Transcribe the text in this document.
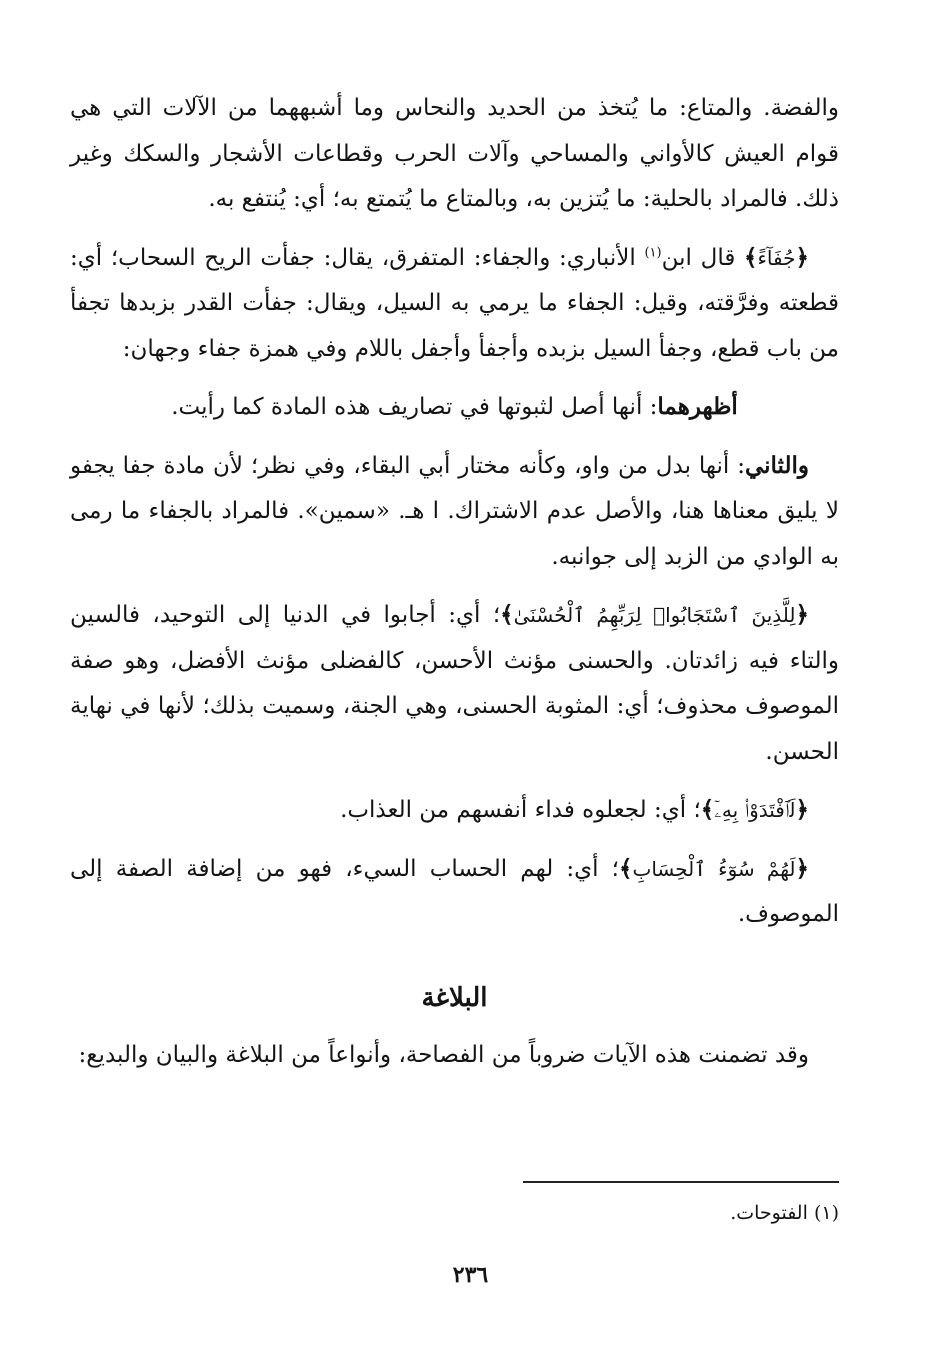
والفضة. والمتاع: ما يُتخذ من الحديد والنحاس وما أشبههما من الآلات التي هي قوام العيش كالأواني والمساحي وآلات الحرب وقطاعات الأشجار والسكك وغير ذلك. فالمراد بالحلية: ما يُتزين به، وبالمتاع ما يُتمتع به؛ أي: يُنتفع به.

﴿جُفَآءً﴾ قال ابن$^{(١)}$ الأنباري: والجفاء: المتفرق، يقال: جفأت الريح السحاب؛ أي: قطعته وفرَّقته، وقيل: الجفاء ما يرمي به السيل، ويقال: جفأت القدر بزبدها تجفأ من باب قطع، وجفأ السيل بزبده وأجفأ وأجفل باللام وفي همزة جفاء وجهان:

أظهرهما: أنها أصل لثبوتها في تصاريف هذه المادة كما رأيت.

والثاني: أنها بدل من واو، وكأنه مختار أبي البقاء، وفي نظر؛ لأن مادة جفا يجفو لا يليق معناها هنا، والأصل عدم الاشتراك. ا هـ. «سمين». فالمراد بالجفاء ما رمى به الوادي من الزبد إلى جوانبه.

﴿لِلَّذِينَ ٱسْتَجَابُوا۟ لِرَبِّهِمُ ٱلْحُسْنَىٰ﴾؛ أي: أجابوا في الدنيا إلى التوحيد، فالسين والتاء فيه زائدتان. والحسنى مؤنث الأحسن، كالفضلى مؤنث الأفضل، وهو صفة الموصوف محذوف؛ أي: المثوبة الحسنى، وهي الجنة، وسميت بذلك؛ لأنها في نهاية الحسن.

﴿لَٱفْتَدَوْا۟ بِهِۦٓ﴾؛ أي: لجعلوه فداء أنفسهم من العذاب.

﴿لَهُمْ سُوٓءُ ٱلْحِسَابِ﴾؛ أي: لهم الحساب السيء، فهو من إضافة الصفة إلى الموصوف.

البلاغة

وقد تضمنت هذه الآيات ضروباً من الفصاحة، وأنواعاً من البلاغة والبيان والبديع:

(١) الفتوحات.
٢٣٦
